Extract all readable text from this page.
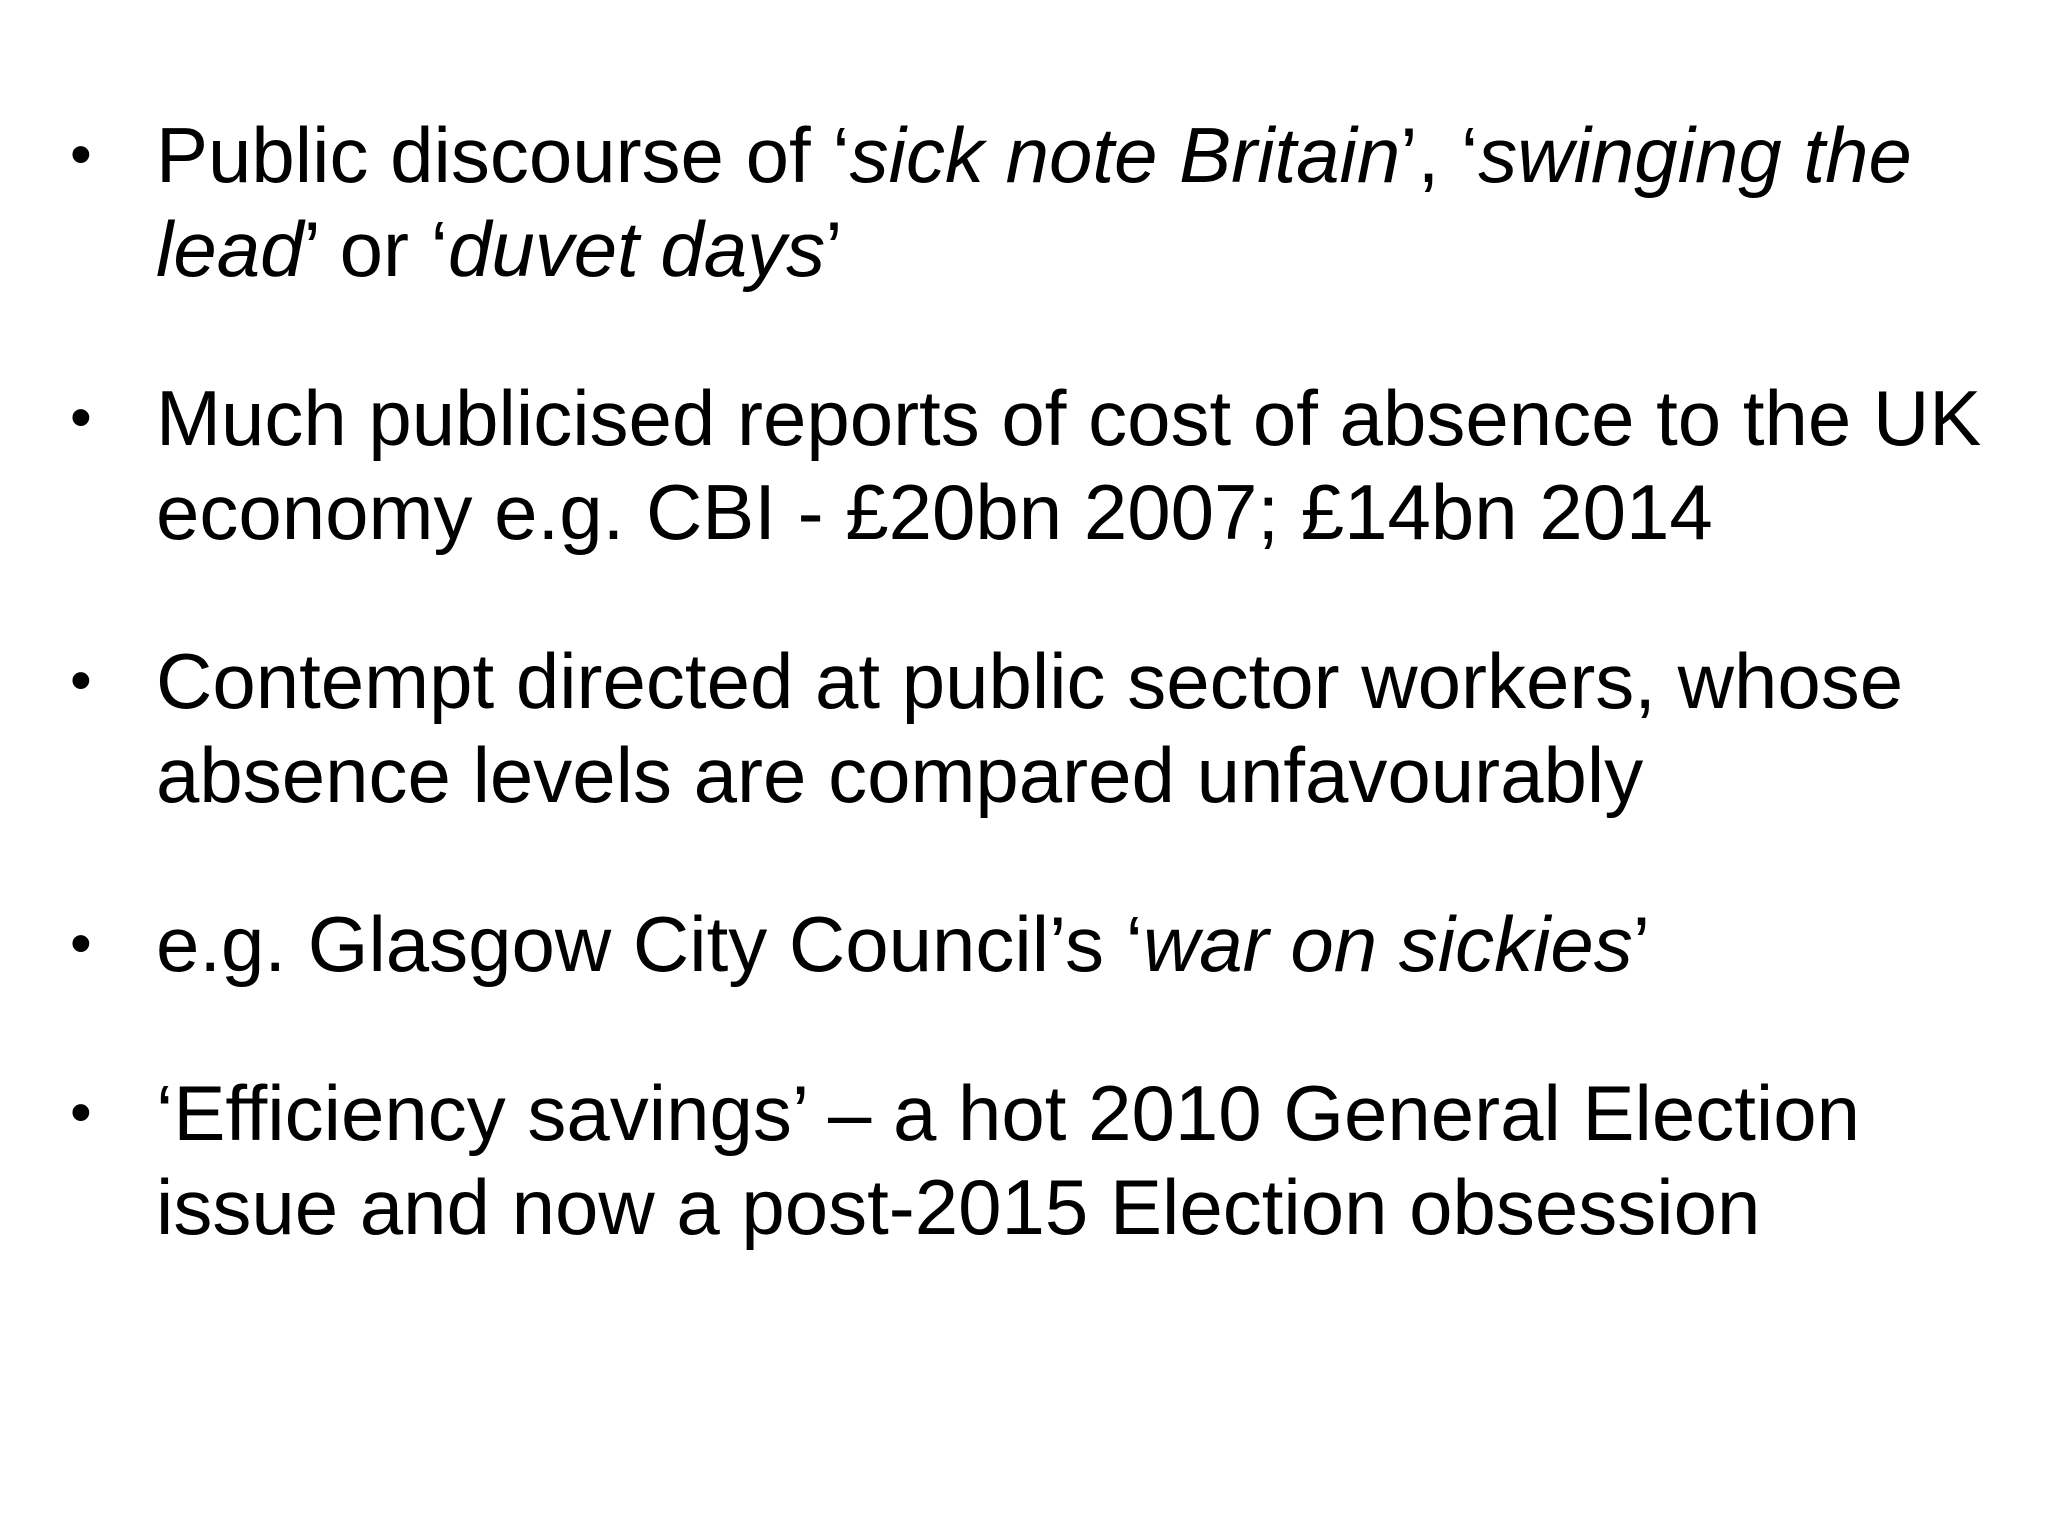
• Public discourse of ‘sick note Britain’, ‘swinging the lead’ or ‘duvet days’
• Much publicised reports of cost of absence to the UK economy e.g. CBI - £20bn 2007; £14bn 2014
• Contempt directed at public sector workers, whose absence levels are compared unfavourably
• e.g. Glasgow City Council’s ‘war on sickies’
• ‘Efficiency savings’ – a hot 2010 General Election issue and now a post-2015 Election obsession
